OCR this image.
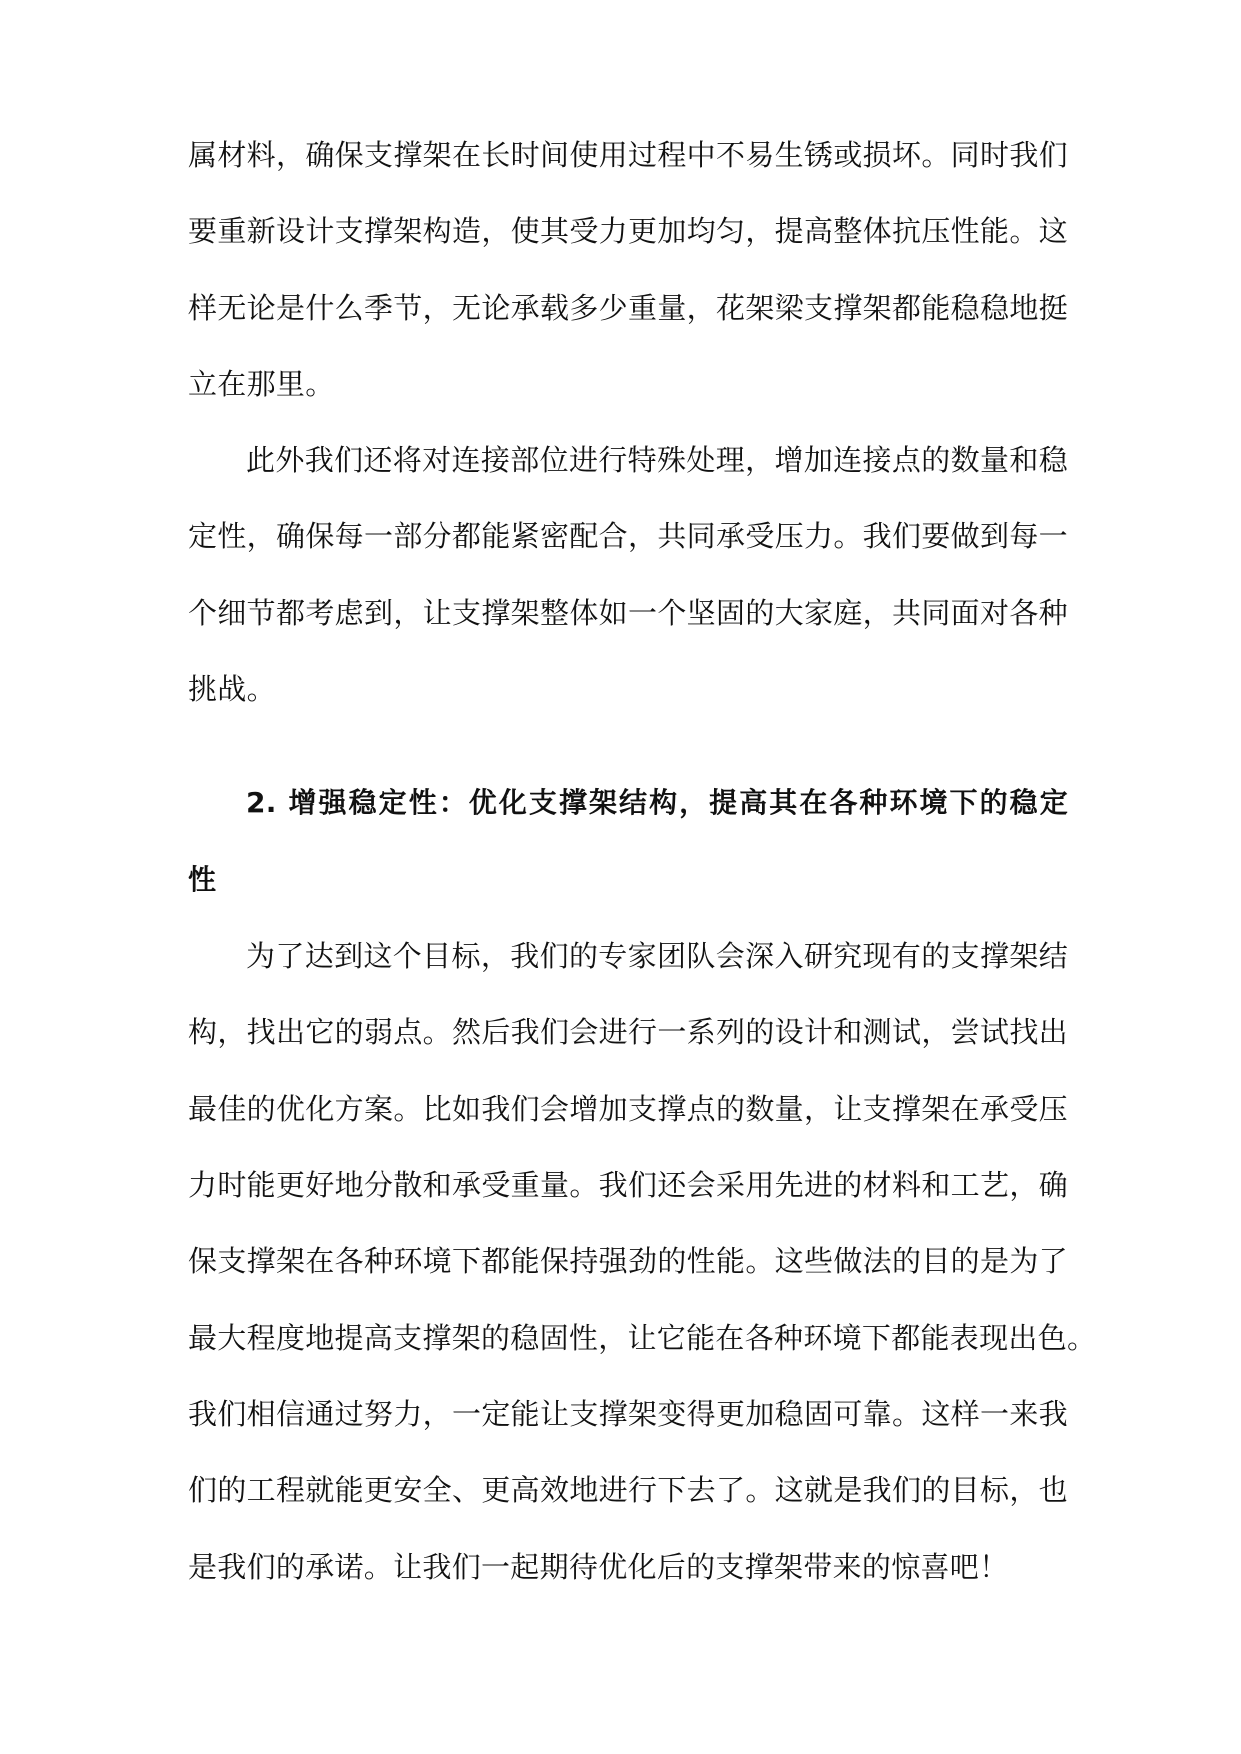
属材料，确保支撑架在长时间使用过程中不易生锈或损坏。同时我们
要重新设计支撑架构造，使其受力更加均匀，提高整体抗压性能。这
样无论是什么季节，无论承载多少重量，花架梁支撑架都能稳稳地挺
立在那里。
此外我们还将对连接部位进行特殊处理，增加连接点的数量和稳
定性，确保每一部分都能紧密配合，共同承受压力。我们要做到每一
个细节都考虑到，让支撑架整体如一个坚固的大家庭，共同面对各种
挑战。
2. 增强稳定性：优化支撑架结构，提高其在各种环境下的稳定
性
为了达到这个目标，我们的专家团队会深入研究现有的支撑架结
构，找出它的弱点。然后我们会进行一系列的设计和测试，尝试找出
最佳的优化方案。比如我们会增加支撑点的数量，让支撑架在承受压
力时能更好地分散和承受重量。我们还会采用先进的材料和工艺，确
保支撑架在各种环境下都能保持强劲的性能。这些做法的目的是为了
最大程度地提高支撑架的稳固性，让它能在各种环境下都能表现出色。
我们相信通过努力，一定能让支撑架变得更加稳固可靠。这样一来我
们的工程就能更安全、更高效地进行下去了。这就是我们的目标，也
是我们的承诺。让我们一起期待优化后的支撑架带来的惊喜吧！
